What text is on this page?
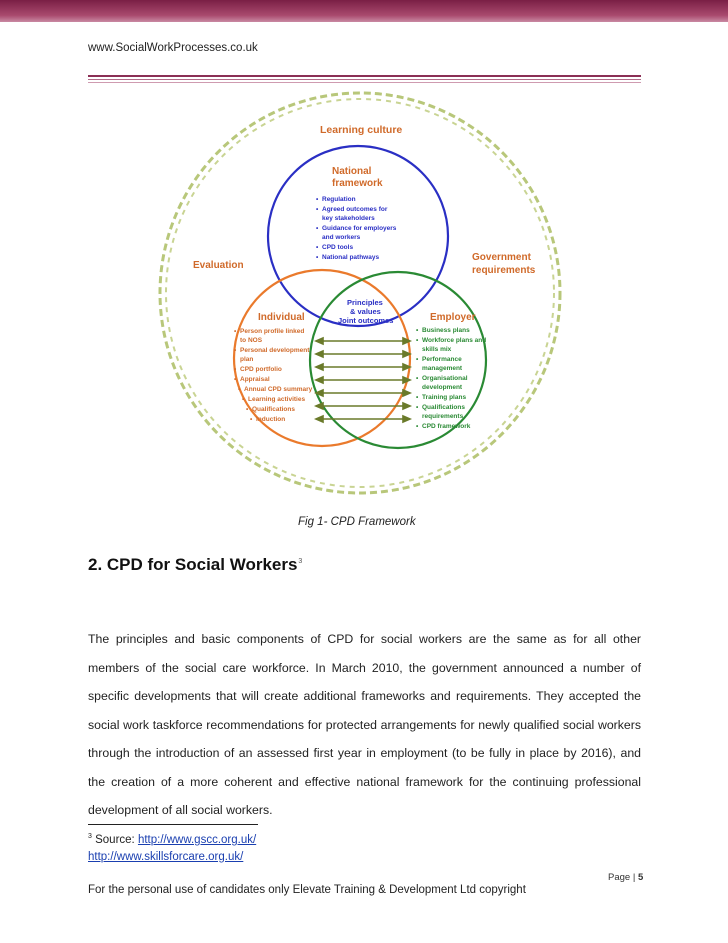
www.SocialWorkProcesses.co.uk
Learning culture
Evaluation
Government
requirements
National
framework
• Regulation
• Agreed outcomes for
key stakeholders
• Guidance for employers
and workers
• CPD tools
• National pathways
Individual
• Person profile linked
to NOS
• Personal development
plan
• CPD portfolio
• Appraisal
• Annual CPD summary
• Learning activities
• Qualifications
• Induction
Employer
• Business plans
• Workforce plans and
skills mix
• Performance
management
• Organisational
development
• Training plans
• Qualifications
requirements
• CPD framework
Principles
& values
Joint outcomes
Fig 1- CPD Framework
2. CPD for Social Workers$^3$
The principles and basic components of CPD for social workers are the same as for all other members of the social care workforce. In March 2010, the government announced a number of specific developments that will create additional frameworks and requirements. They accepted the social work taskforce recommendations for protected arrangements for newly qualified social workers through the introduction of an assessed first year in employment (to be fully in place by 2016), and the creation of a more coherent and effective national framework for the continuing professional development of all social workers.
$^3$ Source: http://www.gscc.org.uk/
http://www.skillsforcare.org.uk/
Page | 5
For the personal use of candidates only Elevate Training & Development Ltd copyright
